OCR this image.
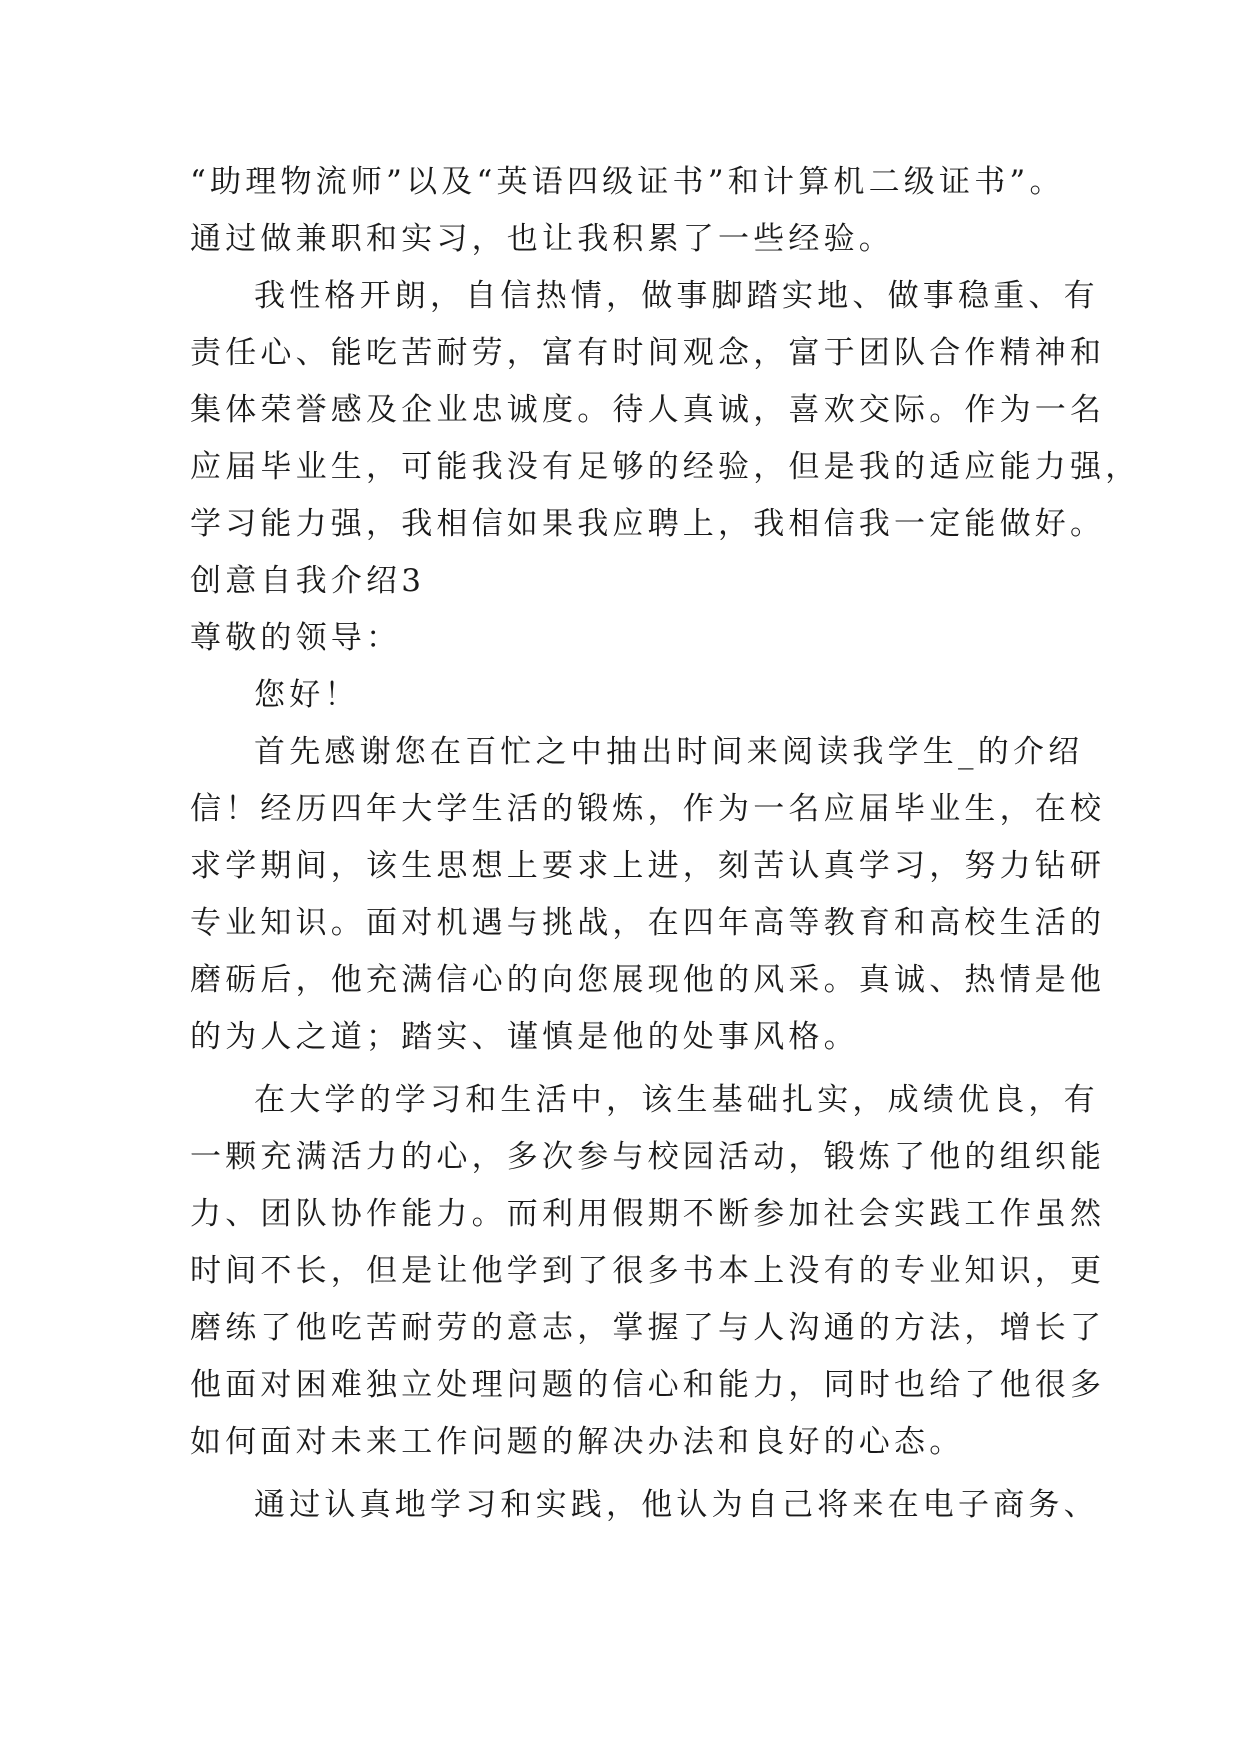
“助理物流师”以及“英语四级证书”和计算机二级证书”。

通过做兼职和实习，也让我积累了一些经验。

我性格开朗，自信热情，做事脚踏实地、做事稳重、有

责任心、能吃苦耐劳，富有时间观念，富于团队合作精神和

集体荣誉感及企业忠诚度。待人真诚，喜欢交际。作为一名

应届毕业生，可能我没有足够的经验，但是我的适应能力强，

学习能力强，我相信如果我应聘上，我相信我一定能做好。

创意自我介绍3

尊敬的领导：

您好！

首先感谢您在百忙之中抽出时间来阅读我学生_的介绍

信！经历四年大学生活的锻炼，作为一名应届毕业生，在校

求学期间，该生思想上要求上进，刻苦认真学习，努力钻研

专业知识。面对机遇与挑战，在四年高等教育和高校生活的

磨砺后，他充满信心的向您展现他的风采。真诚、热情是他

的为人之道；踏实、谨慎是他的处事风格。

在大学的学习和生活中，该生基础扎实，成绩优良，有

一颗充满活力的心，多次参与校园活动，锻炼了他的组织能

力、团队协作能力。而利用假期不断参加社会实践工作虽然

时间不长，但是让他学到了很多书本上没有的专业知识，更

磨练了他吃苦耐劳的意志，掌握了与人沟通的方法，增长了

他面对困难独立处理问题的信心和能力，同时也给了他很多

如何面对未来工作问题的解决办法和良好的心态。

通过认真地学习和实践，他认为自己将来在电子商务、
